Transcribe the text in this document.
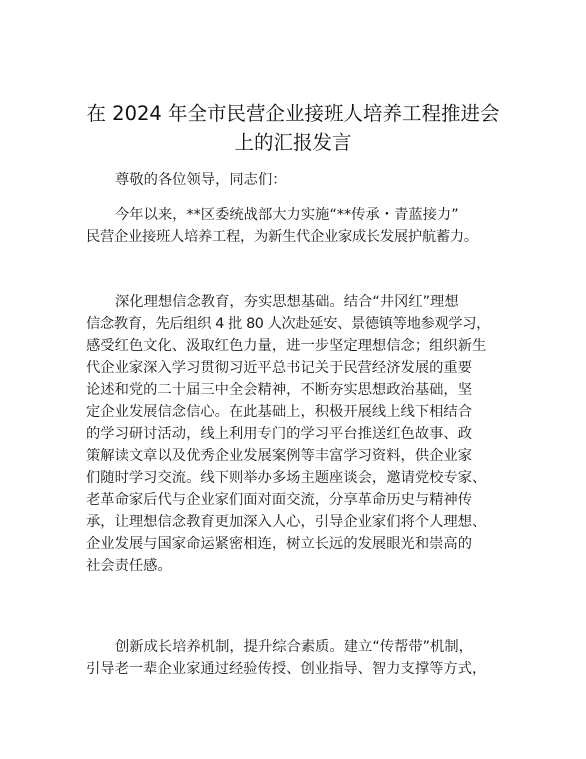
在 2024 年全市民营企业接班人培养工程推进会
上的汇报发言

尊敬的各位领导，同志们：

今年以来，**区委统战部大力实施“**传承・青蓝接力”
民营企业接班人培养工程，为新生代企业家成长发展护航蓄力。

深化理想信念教育，夯实思想基础。结合“井冈红”理想
信念教育，先后组织 4 批 80 人次赴延安、景德镇等地参观学习，
感受红色文化、汲取红色力量，进一步坚定理想信念；组织新生
代企业家深入学习贯彻习近平总书记关于民营经济发展的重要
论述和党的二十届三中全会精神，不断夯实思想政治基础，坚
定企业发展信念信心。在此基础上，积极开展线上线下相结合
的学习研讨活动，线上利用专门的学习平台推送红色故事、政
策解读文章以及优秀企业发展案例等丰富学习资料，供企业家
们随时学习交流。线下则举办多场主题座谈会，邀请党校专家、
老革命家后代与企业家们面对面交流，分享革命历史与精神传
承，让理想信念教育更加深入人心，引导企业家们将个人理想、
企业发展与国家命运紧密相连，树立长远的发展眼光和崇高的
社会责任感。

创新成长培养机制，提升综合素质。建立“传帮带”机制，
引导老一辈企业家通过经验传授、创业指导、智力支撑等方式，
